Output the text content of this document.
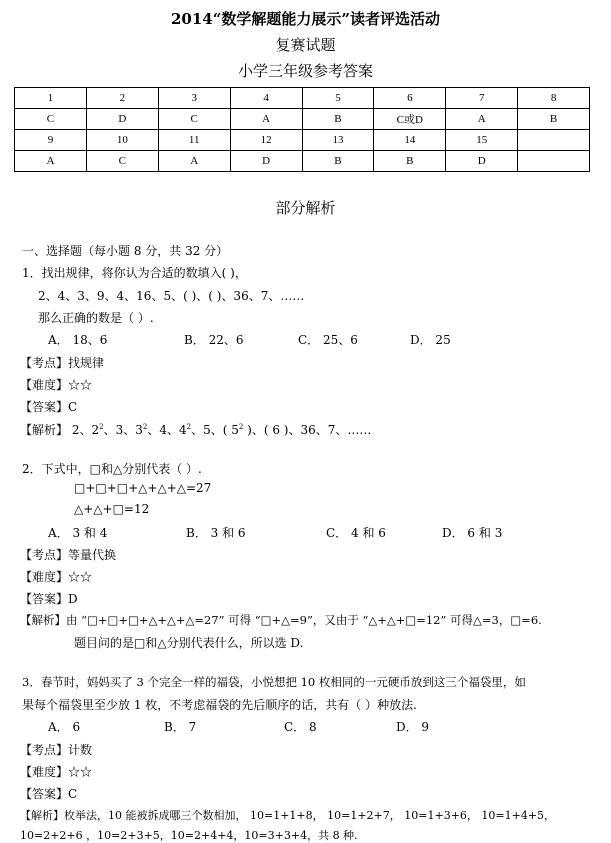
2014“数学解题能力展示”读者评选活动
复赛试题
小学三年级参考答案
1	2	3	4	5	6	7	8
C	D	C	A	B	C或D	A	B
9	10	11	12	13	14	15	
A	C	A	D	B	B	D	
部分解析
一、选择题（每小题 8 分，共 32 分）
1．找出规律，将你认为合适的数填入( )，
2、4、3、9、4、16、5、( )、( )、36、7、……
那么正确的数是（ ）.
A． 18、6	B． 22、6	C． 25、6	D． 25
【考点】找规律
【难度】☆☆
【答案】C
【解析】 2、$2^2$、3、$3^2$、4、$4^2$、5、( $5^2$ )、( 6 )、36、7、……
2．下式中，□和△分别代表（ ）.
□+□+□+△+△+△=27
△+△+□=12
A． 3 和 4	B． 3 和 6	C． 4 和 6	D． 6 和 3
【考点】等量代换
【难度】☆☆
【答案】D
【解析】由 “□+□+□+△+△+△=27” 可得 “□+△=9”，又由于 “△+△+□=12” 可得△=3，□=6.
题目问的是□和△分别代表什么，所以选 D.
3．春节时，妈妈买了 3 个完全一样的福袋，小悦想把 10 枚相同的一元硬币放到这三个福袋里，如
果每个福袋里至少放 1 枚，不考虑福袋的先后顺序的话，共有（ ）种放法.
A． 6	B． 7	C． 8	D． 9
【考点】计数
【难度】☆☆
【答案】C
【解析】枚举法，10 能被拆成哪三个数相加， 10=1+1+8， 10=1+2+7， 10=1+3+6， 10=1+4+5，
10=2+2+6 ，10=2+3+5，10=2+4+4，10=3+3+4，共 8 种.
